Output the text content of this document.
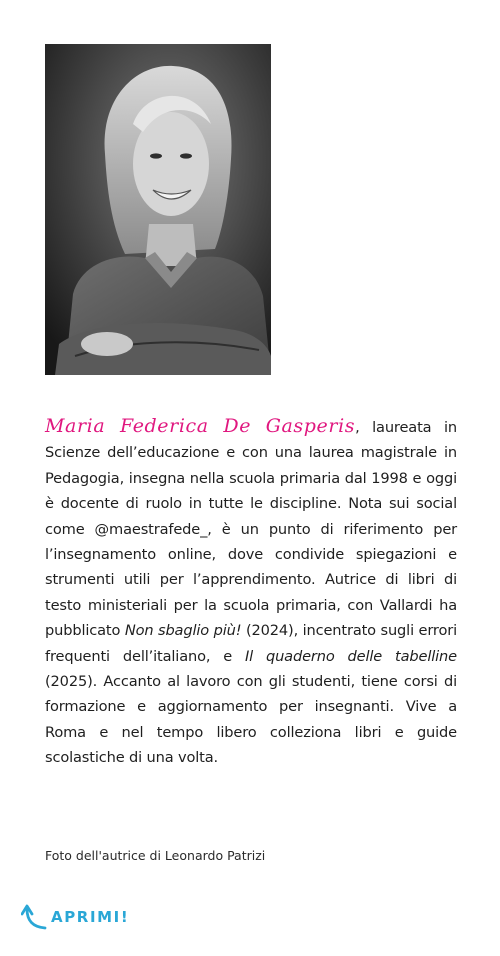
Maria Federica De Gasperis, laureata in Scienze dell’educazione e con una laurea magistrale in Pedagogia, insegna nella scuola primaria dal 1998 e oggi è docente di ruolo in tutte le discipline. Nota sui social come @maestrafede_, è un punto di riferimento per l’insegnamento online, dove condivide spiegazioni e strumenti utili per l’apprendimento. Autrice di libri di testo ministeriali per la scuola primaria, con Vallardi ha pubblicato Non sbaglio più! (2024), incentrato sugli errori frequenti dell’italiano, e Il quaderno delle tabelline (2025). Accanto al lavoro con gli studenti, tiene corsi di formazione e aggiornamento per insegnanti. Vive a Roma e nel tempo libero colleziona libri e guide scolastiche di una volta.
Foto dell'autrice di Leonardo Patrizi
APRIMI!
